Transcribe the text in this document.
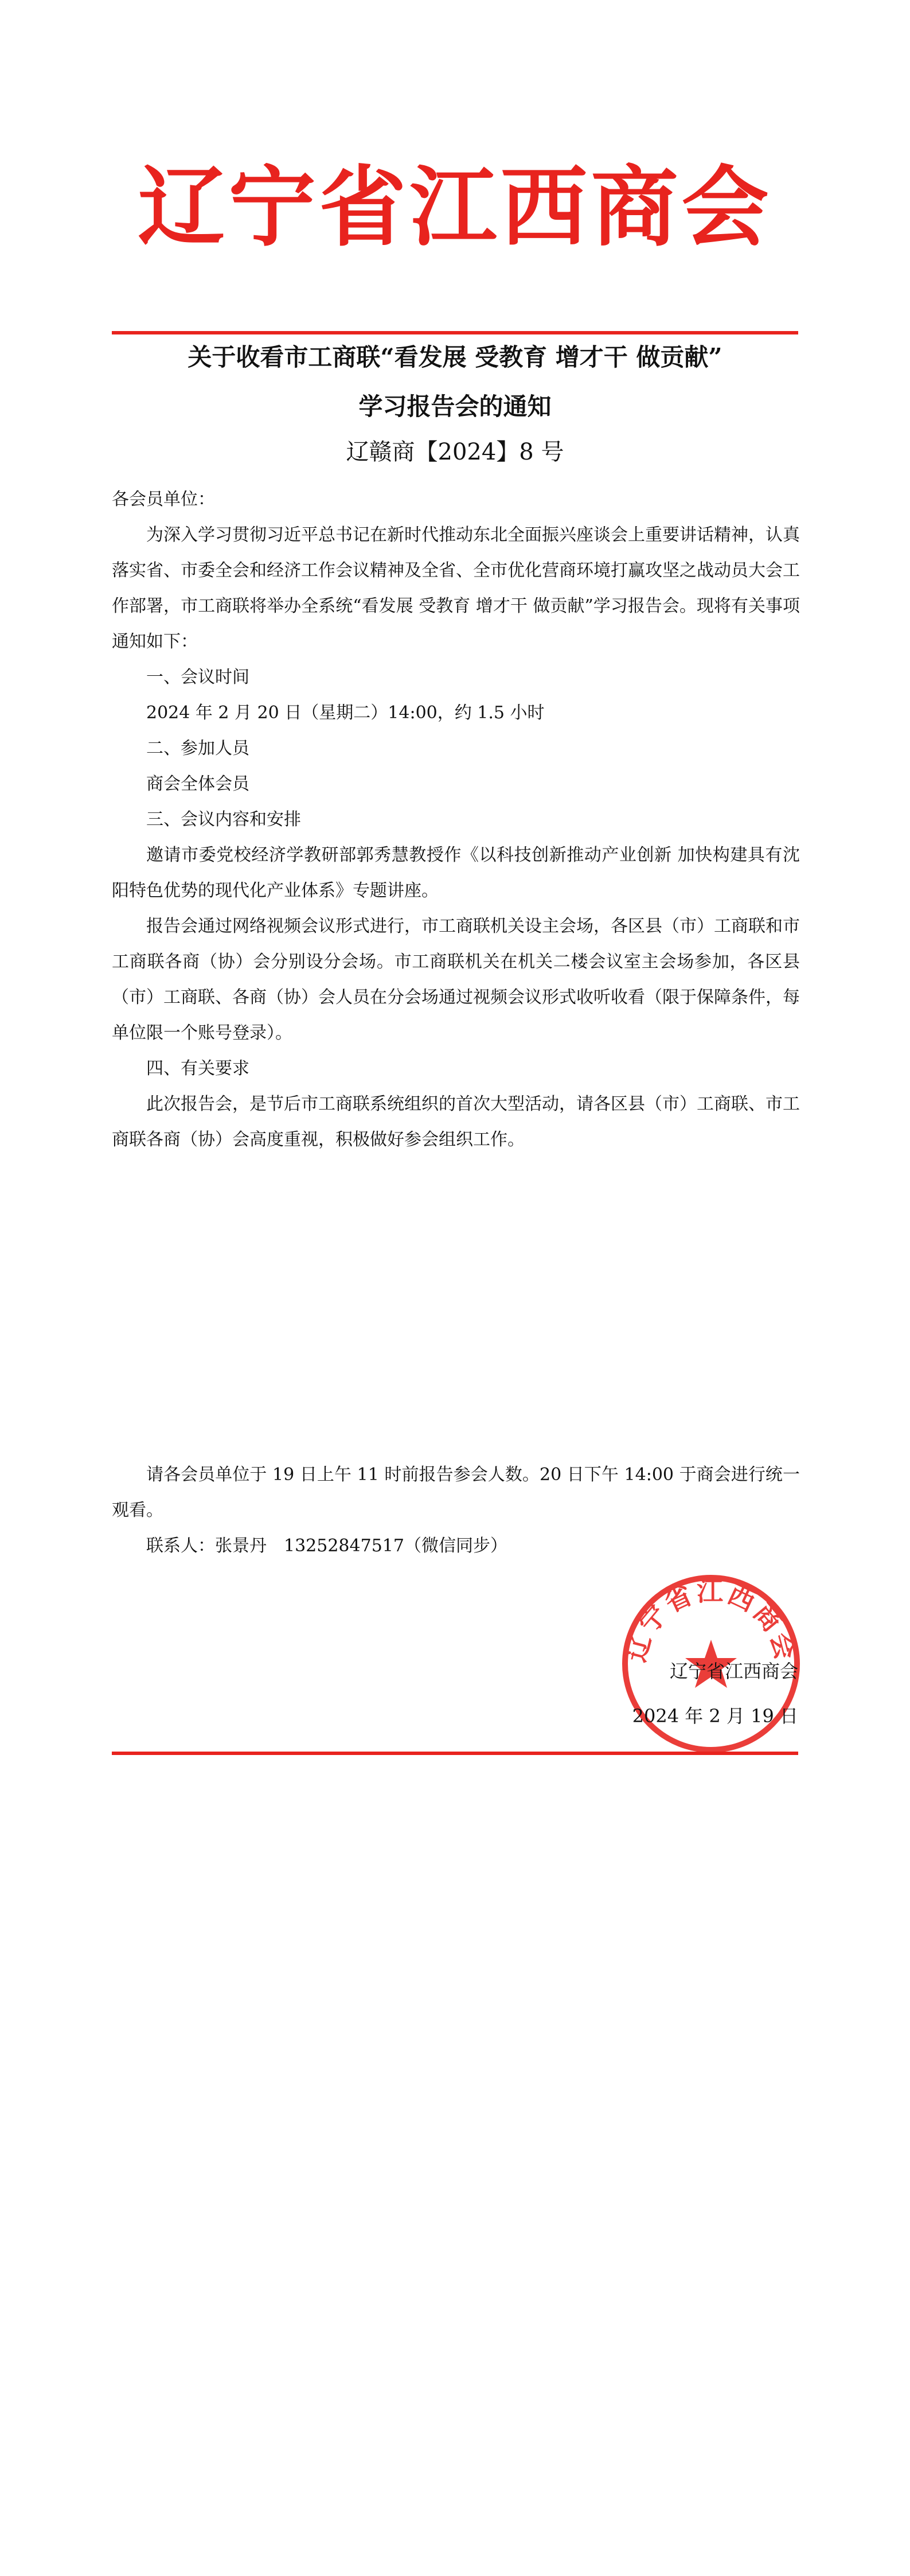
辽宁省江西商会
关于收看市工商联“看发展 受教育 增才干 做贡献”
学习报告会的通知
辽赣商【2024】8 号
各会员单位：

为深入学习贯彻习近平总书记在新时代推动东北全面振兴座谈会上重要讲话精神，认真落实省、市委全会和经济工作会议精神及全省、全市优化营商环境打赢攻坚之战动员大会工作部署，市工商联将举办全系统“看发展 受教育 增才干 做贡献”学习报告会。现将有关事项通知如下：

一、会议时间

2024 年 2 月 20 日（星期二）14:00，约 1.5 小时

二、参加人员

商会全体会员

三、会议内容和安排

邀请市委党校经济学教研部郭秀慧教授作《以科技创新推动产业创新 加快构建具有沈阳特色优势的现代化产业体系》专题讲座。

报告会通过网络视频会议形式进行，市工商联机关设主会场，各区县（市）工商联和市工商联各商（协）会分别设分会场。市工商联机关在机关二楼会议室主会场参加，各区县（市）工商联、各商（协）会人员在分会场通过视频会议形式收听收看（限于保障条件，每单位限一个账号登录）。

四、有关要求

此次报告会，是节后市工商联系统组织的首次大型活动，请各区县（市）工商联、市工商联各商（协）会高度重视，积极做好参会组织工作。

请各会员单位于 19 日上午 11 时前报告参会人数。20 日下午 14:00 于商会进行统一观看。

联系人：张景丹　13252847517（微信同步）

辽宁省江西商会
辽宁省江西商会
2024 年 2 月 19 日
